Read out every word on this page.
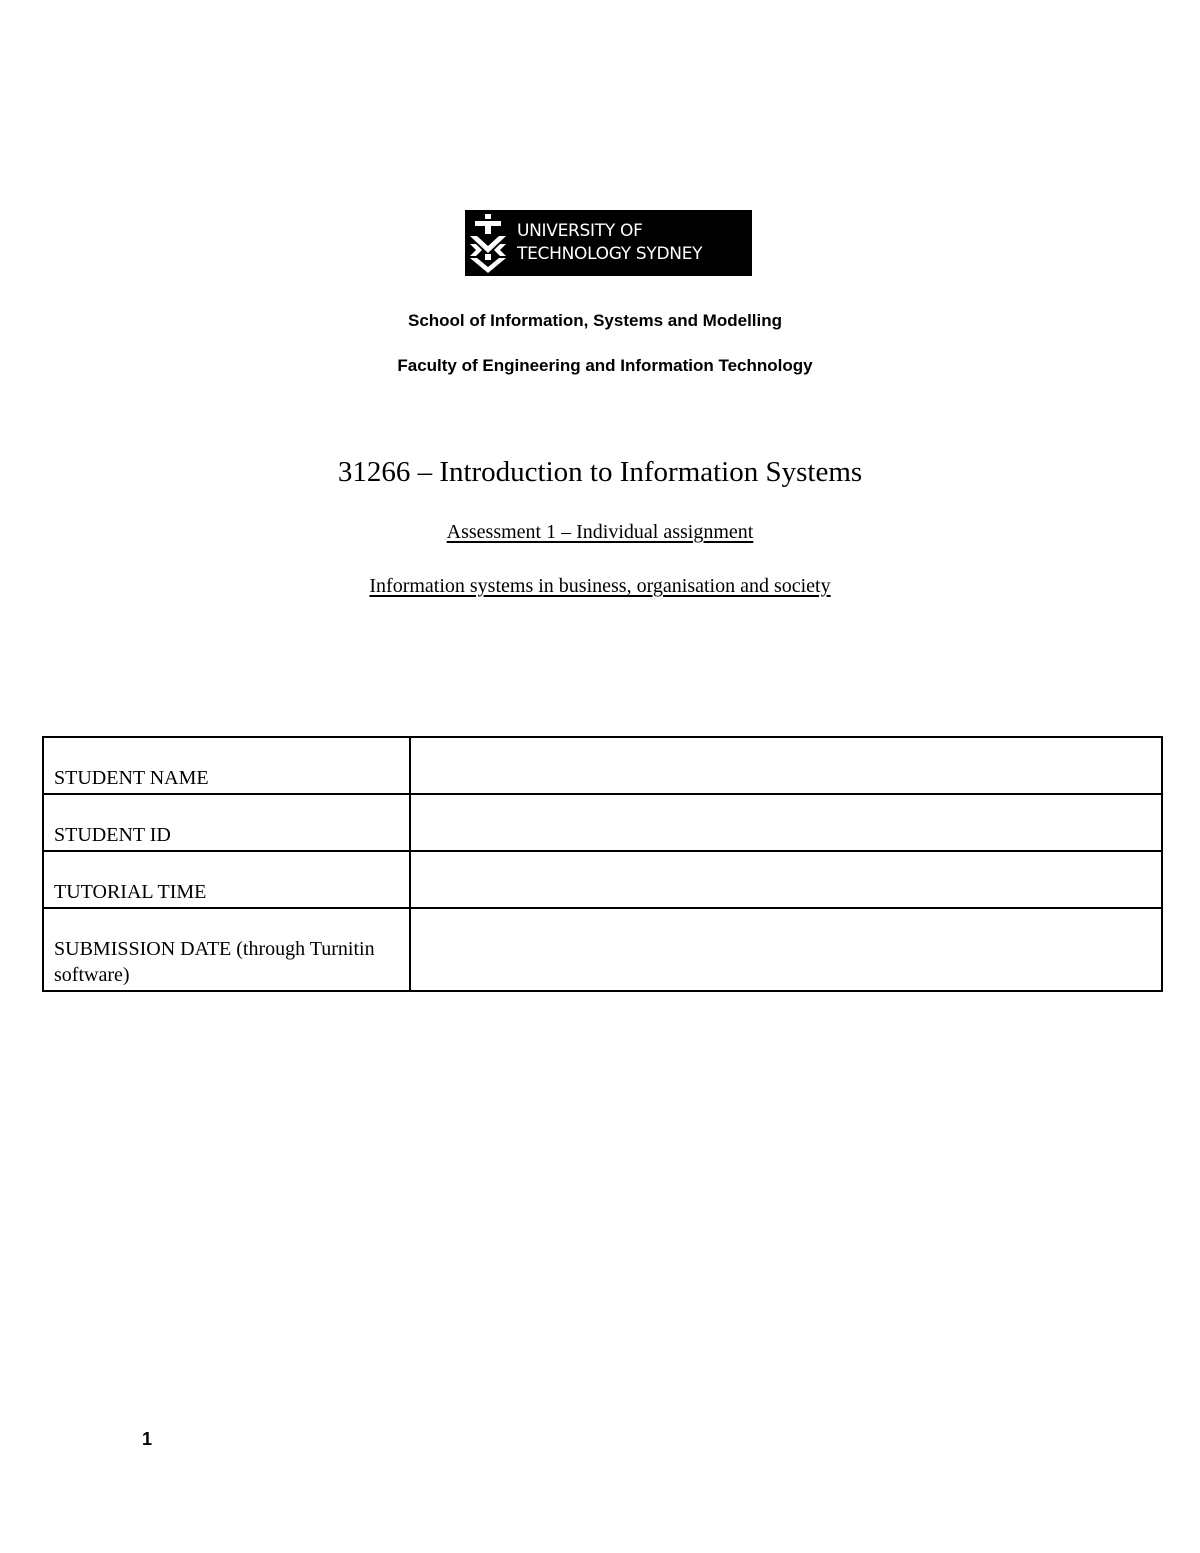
UNIVERSITY OF
TECHNOLOGY SYDNEY
School of Information, Systems and Modelling
Faculty of Engineering and Information Technology
31266 – Introduction to Information Systems
Assessment 1 – Individual assignment
Information systems in business, organisation and society
STUDENT NAME	
STUDENT ID	
TUTORIAL TIME	
SUBMISSION DATE (through Turnitin software)	
1
